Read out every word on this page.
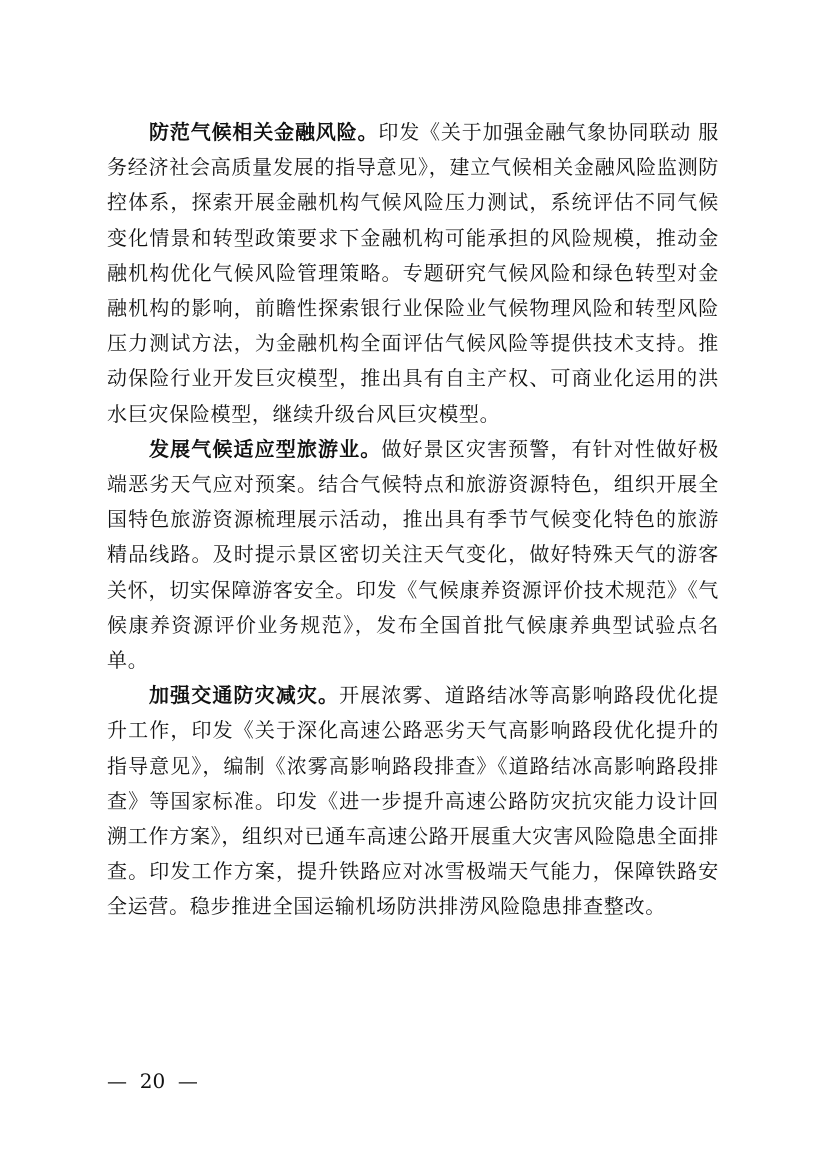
防范气候相关金融风险。印发《关于加强金融气象协同联动 服务经济社会高质量发展的指导意见》，建立气候相关金融风险监测防控体系，探索开展金融机构气候风险压力测试，系统评估不同气候变化情景和转型政策要求下金融机构可能承担的风险规模，推动金融机构优化气候风险管理策略。专题研究气候风险和绿色转型对金融机构的影响，前瞻性探索银行业保险业气候物理风险和转型风险压力测试方法，为金融机构全面评估气候风险等提供技术支持。推动保险行业开发巨灾模型，推出具有自主产权、可商业化运用的洪水巨灾保险模型，继续升级台风巨灾模型。

发展气候适应型旅游业。做好景区灾害预警，有针对性做好极端恶劣天气应对预案。结合气候特点和旅游资源特色，组织开展全国特色旅游资源梳理展示活动，推出具有季节气候变化特色的旅游精品线路。及时提示景区密切关注天气变化，做好特殊天气的游客关怀，切实保障游客安全。印发《气候康养资源评价技术规范》《气候康养资源评价业务规范》，发布全国首批气候康养典型试验点名单。

加强交通防灾减灾。开展浓雾、道路结冰等高影响路段优化提升工作，印发《关于深化高速公路恶劣天气高影响路段优化提升的指导意见》，编制《浓雾高影响路段排查》《道路结冰高影响路段排查》等国家标准。印发《进一步提升高速公路防灾抗灾能力设计回溯工作方案》，组织对已通车高速公路开展重大灾害风险隐患全面排查。印发工作方案，提升铁路应对冰雪极端天气能力，保障铁路安全运营。稳步推进全国运输机场防洪排涝风险隐患排查整改。

—  20  —
